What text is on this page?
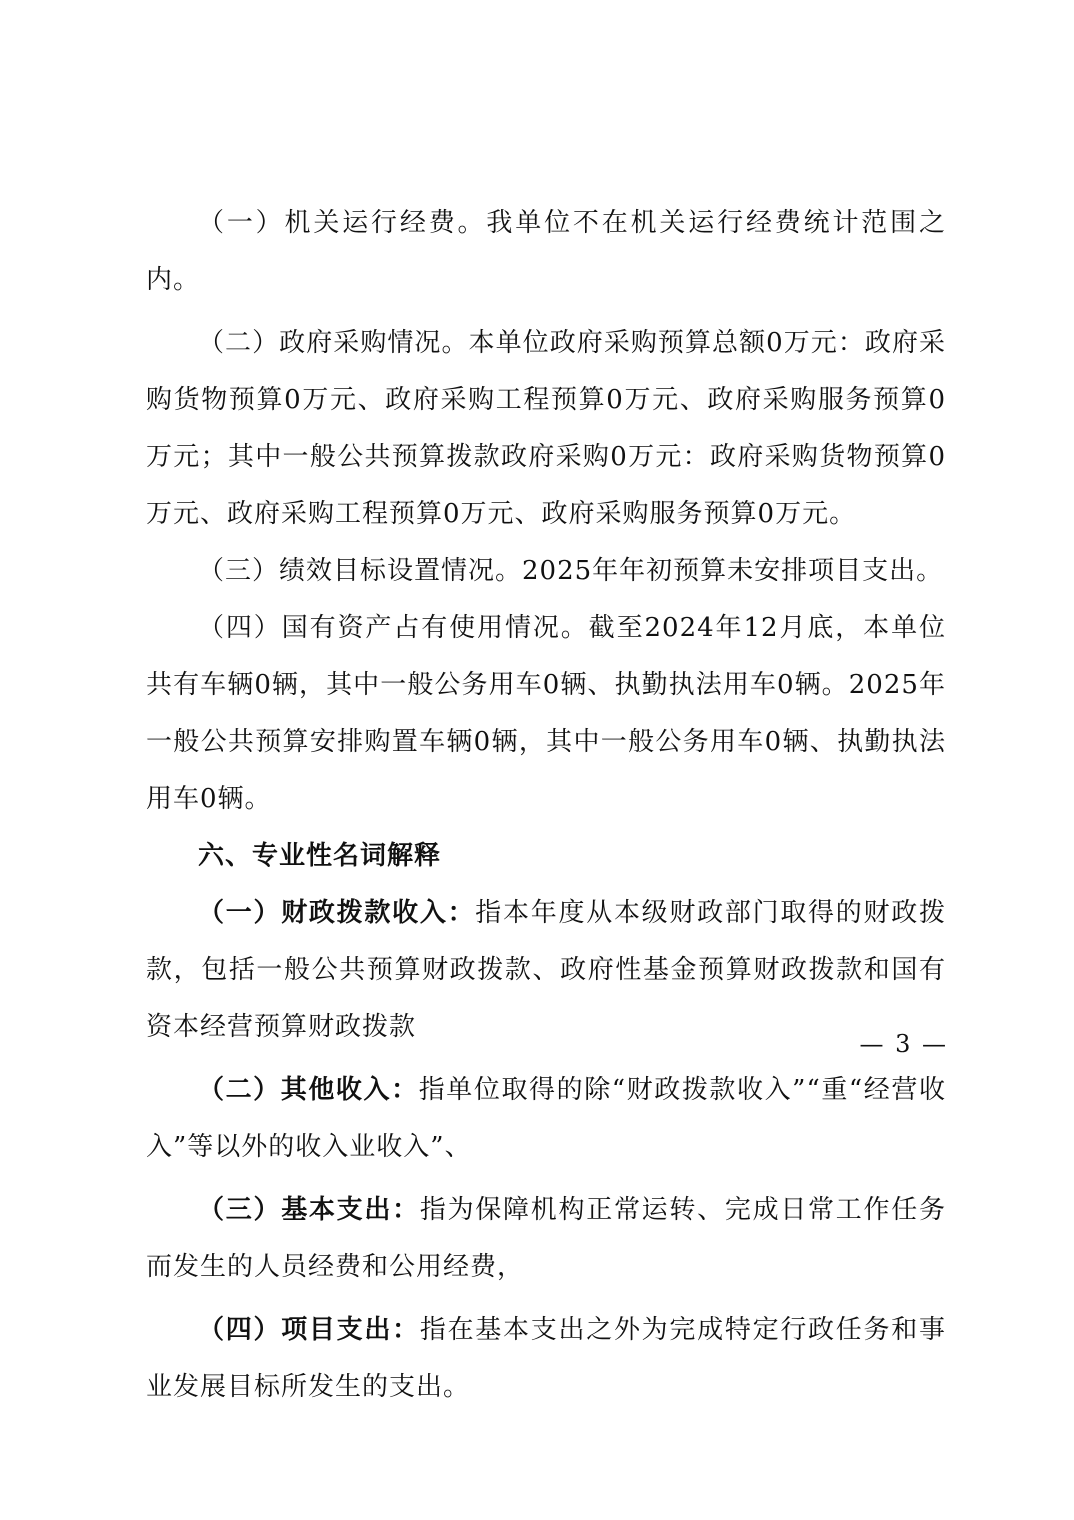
（一）机关运行经费。我单位不在机关运行经费统计范围之内。

（二）政府采购情况。本单位政府采购预算总额0万元：政府采购货物预算0万元、政府采购工程预算0万元、政府采购服务预算0万元；其中一般公共预算拨款政府采购0万元：政府采购货物预算0万元、政府采购工程预算0万元、政府采购服务预算0万元。

（三）绩效目标设置情况。2025年年初预算未安排项目支出。

（四）国有资产占有使用情况。截至2024年12月底，本单位共有车辆0辆，其中一般公务用车0辆、执勤执法用车0辆。2025年一般公共预算安排购置车辆0辆，其中一般公务用车0辆、执勤执法用车0辆。

六、专业性名词解释

（一）财政拨款收入：指本年度从本级财政部门取得的财政拨款，包括一般公共预算财政拨款、政府性基金预算财政拨款和国有资本经营预算财政拨款

（二）其他收入：指单位取得的除“财政拨款收入”“重“经营收入”等以外的收入业收入”、

（三）基本支出：指为保障机构正常运转、完成日常工作任务而发生的人员经费和公用经费，

（四）项目支出：指在基本支出之外为完成特定行政任务和事业发展目标所发生的支出。

— 3 —
